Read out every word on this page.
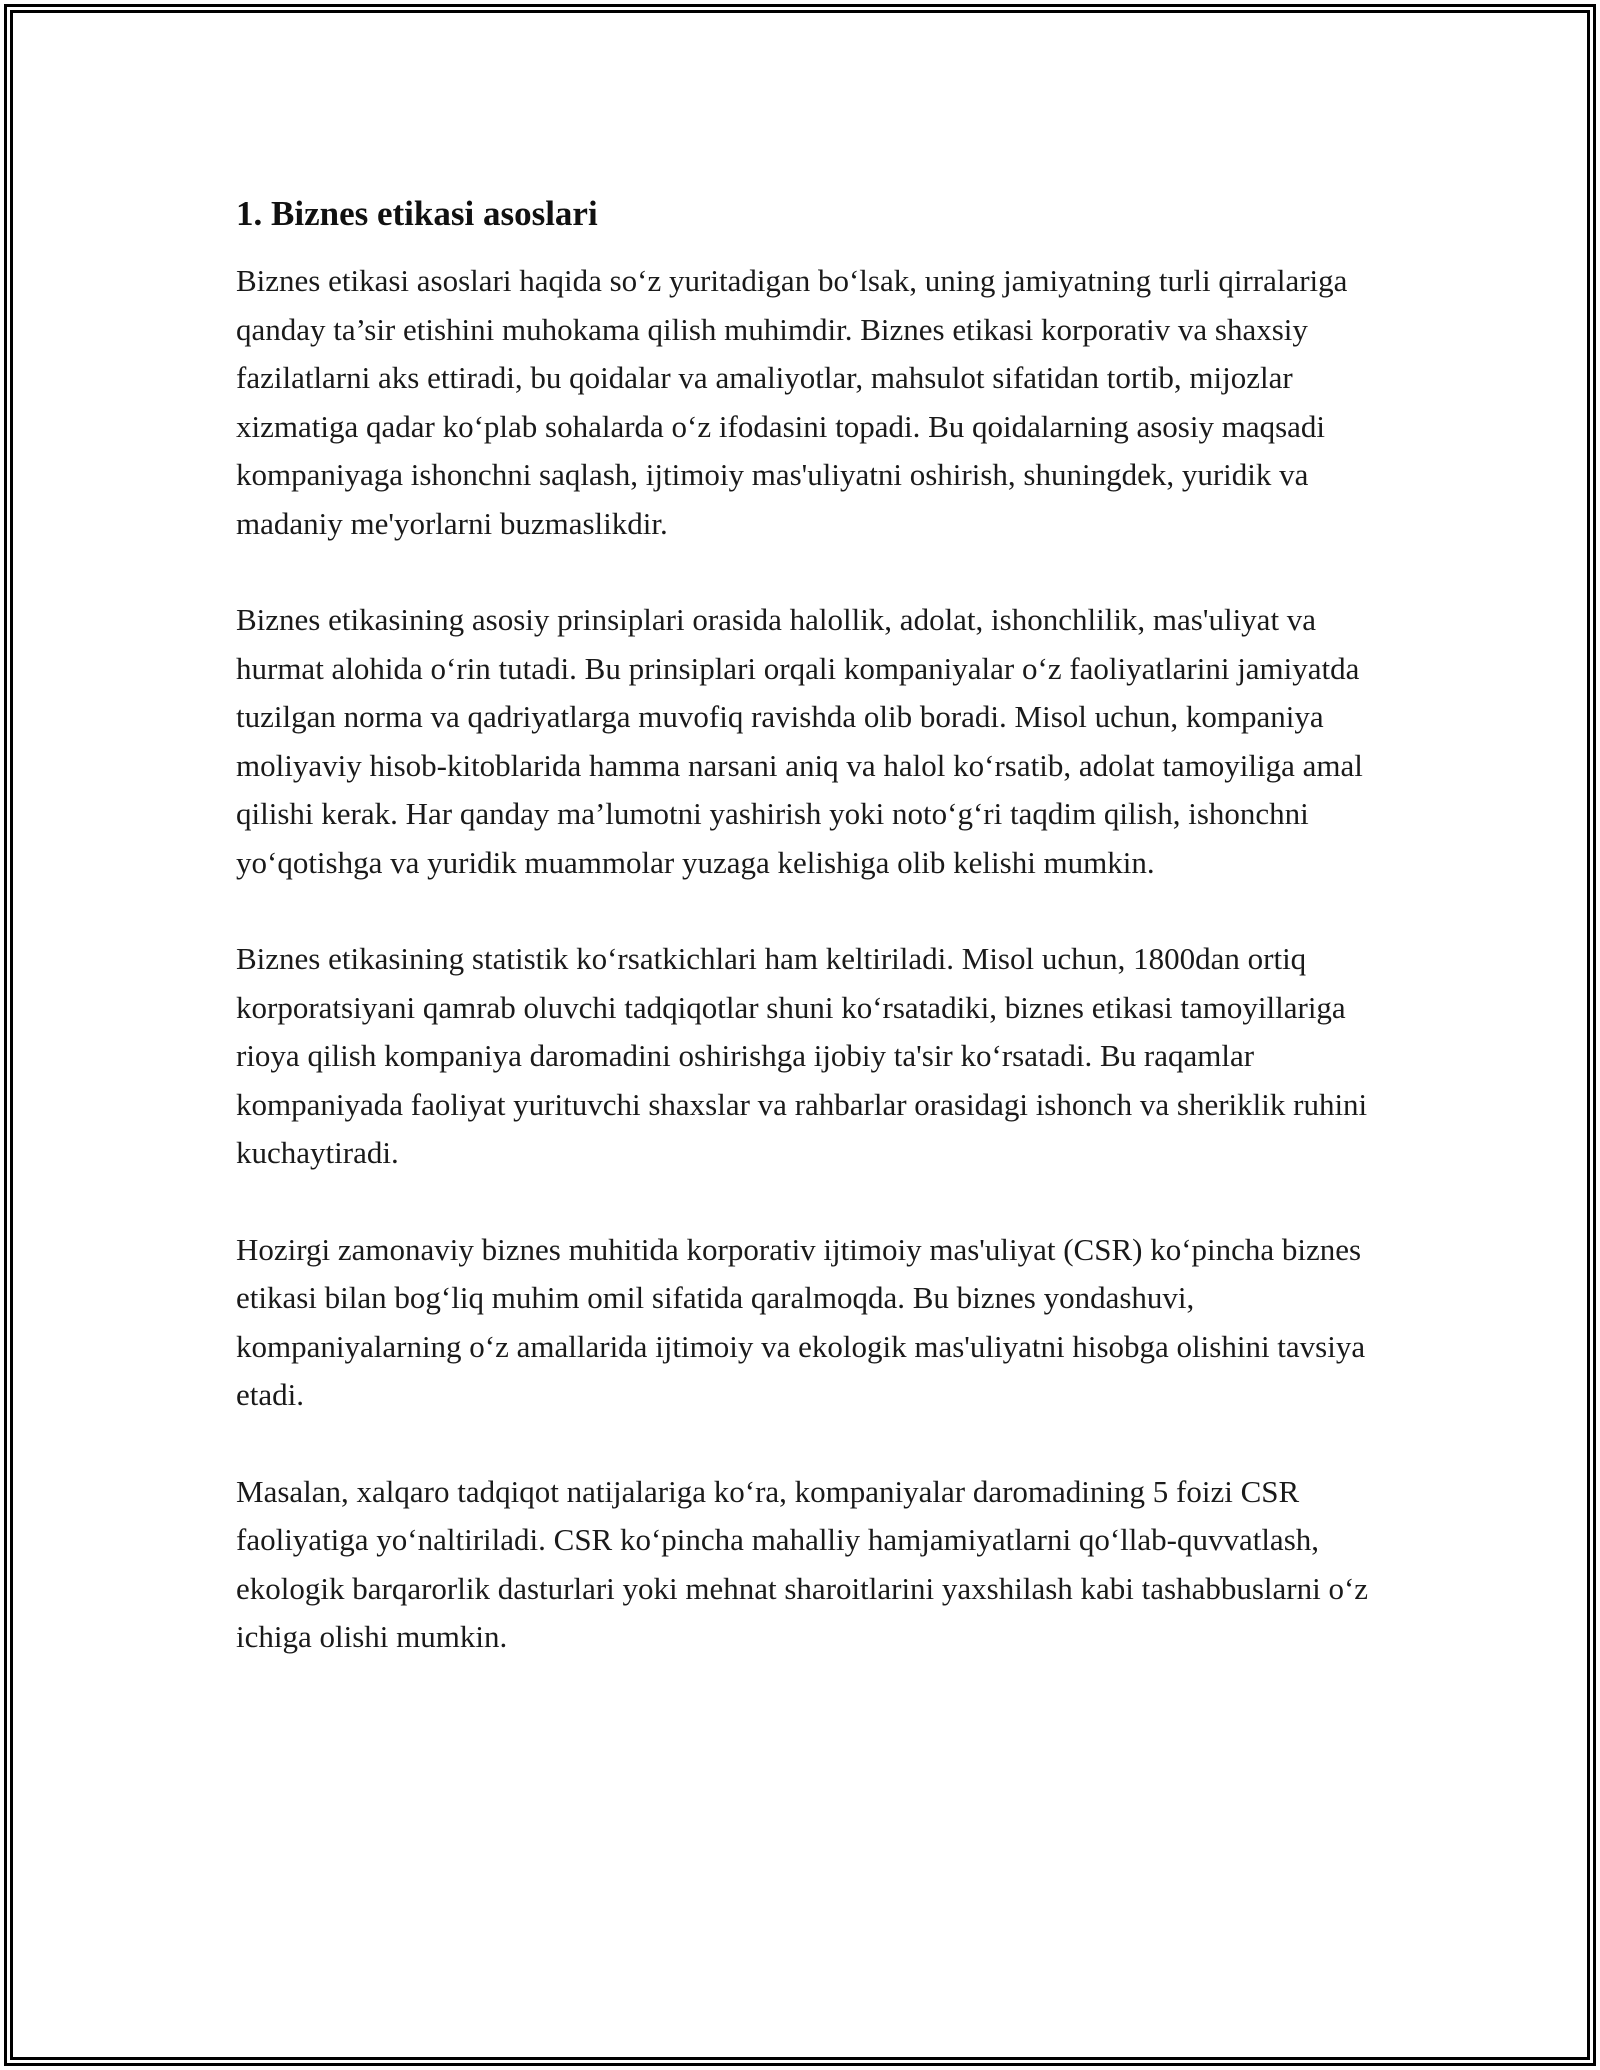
1. Biznes etikasi asoslari

Biznes etikasi asoslari haqida so‘z yuritadigan bo‘lsak, uning jamiyatning turli qirralariga qanday ta’sir etishini muhokama qilish muhimdir. Biznes etikasi korporativ va shaxsiy fazilatlarni aks ettiradi, bu qoidalar va amaliyotlar, mahsulot sifatidan tortib, mijozlar xizmatiga qadar ko‘plab sohalarda o‘z ifodasini topadi. Bu qoidalarning asosiy maqsadi kompaniyaga ishonchni saqlash, ijtimoiy mas'uliyatni oshirish, shuningdek, yuridik va madaniy me'yorlarni buzmaslikdir.

Biznes etikasining asosiy prinsiplari orasida halollik, adolat, ishonchlilik, mas'uliyat va hurmat alohida o‘rin tutadi. Bu prinsiplari orqali kompaniyalar o‘z faoliyatlarini jamiyatda tuzilgan norma va qadriyatlarga muvofiq ravishda olib boradi. Misol uchun, kompaniya moliyaviy hisob-kitoblarida hamma narsani aniq va halol ko‘rsatib, adolat tamoyiliga amal qilishi kerak. Har qanday ma’lumotni yashirish yoki noto‘g‘ri taqdim qilish, ishonchni yo‘qotishga va yuridik muammolar yuzaga kelishiga olib kelishi mumkin.

Biznes etikasining statistik ko‘rsatkichlari ham keltiriladi. Misol uchun, 1800dan ortiq korporatsiyani qamrab oluvchi tadqiqotlar shuni ko‘rsatadiki, biznes etikasi tamoyillariga rioya qilish kompaniya daromadini oshirishga ijobiy ta'sir ko‘rsatadi. Bu raqamlar kompaniyada faoliyat yurituvchi shaxslar va rahbarlar orasidagi ishonch va sheriklik ruhini kuchaytiradi.

Hozirgi zamonaviy biznes muhitida korporativ ijtimoiy mas'uliyat (CSR) ko‘pincha biznes etikasi bilan bog‘liq muhim omil sifatida qaralmoqda. Bu biznes yondashuvi, kompaniyalarning o‘z amallarida ijtimoiy va ekologik mas'uliyatni hisobga olishini tavsiya etadi.

Masalan, xalqaro tadqiqot natijalariga ko‘ra, kompaniyalar daromadining 5 foizi CSR faoliyatiga yo‘naltiriladi. CSR ko‘pincha mahalliy hamjamiyatlarni qo‘llab-quvvatlash, ekologik barqarorlik dasturlari yoki mehnat sharoitlarini yaxshilash kabi tashabbuslarni o‘z ichiga olishi mumkin.
